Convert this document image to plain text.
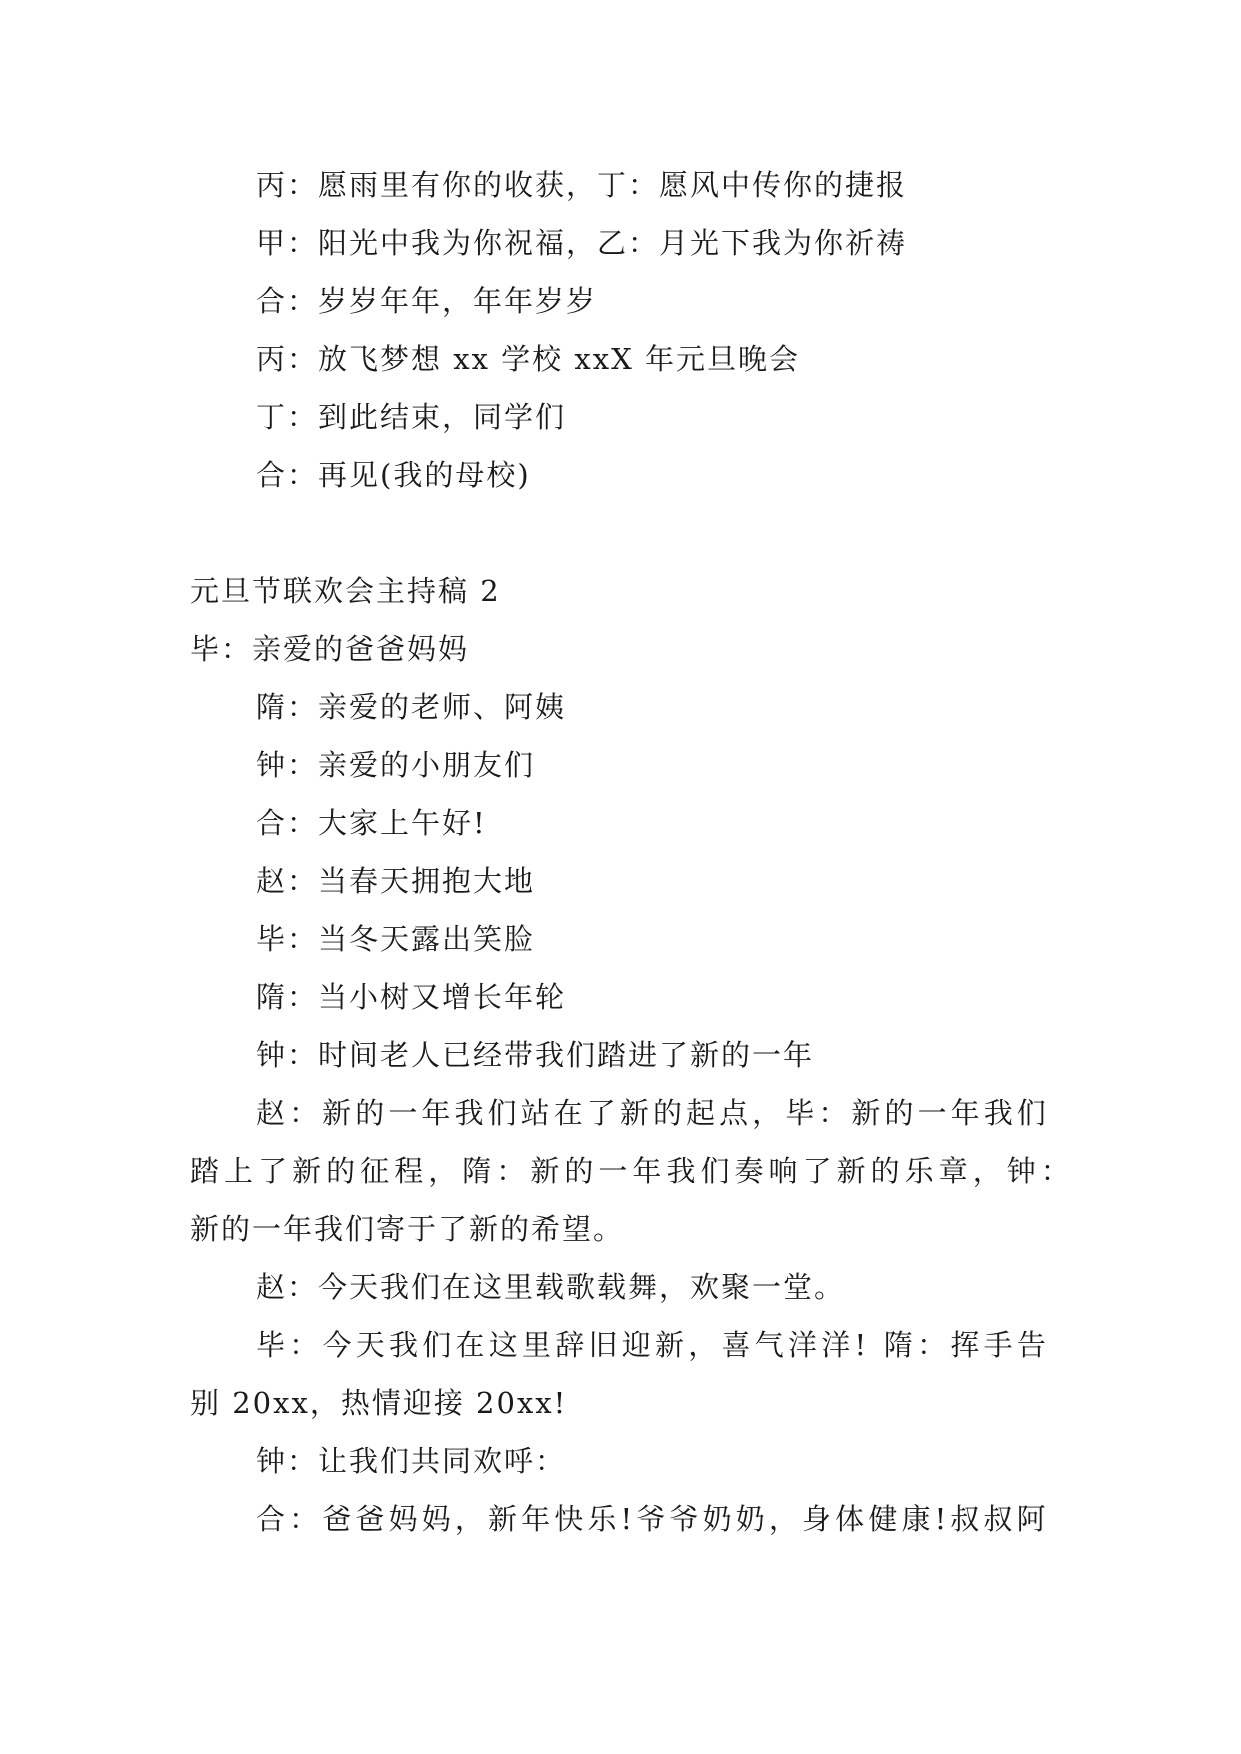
丙：愿雨里有你的收获，丁：愿风中传你的捷报
甲：阳光中我为你祝福，乙：月光下我为你祈祷
合：岁岁年年，年年岁岁
丙：放飞梦想 xx 学校 xxX 年元旦晚会
丁：到此结束，同学们
合：再见(我的母校)
元旦节联欢会主持稿 2
毕：亲爱的爸爸妈妈
隋：亲爱的老师、阿姨
钟：亲爱的小朋友们
合：大家上午好!
赵：当春天拥抱大地
毕：当冬天露出笑脸
隋：当小树又增长年轮
钟：时间老人已经带我们踏进了新的一年
赵 ： 新 的 一 年 我 们 站 在 了 新 的 起 点 ， 毕 ： 新 的 一 年 我 们
踏 上 了 新 的 征 程 ， 隋 ： 新 的 一 年 我 们 奏 响 了 新 的 乐 章 ， 钟 ：
新的一年我们寄于了新的希望。
赵：今天我们在这里载歌载舞，欢聚一堂。
毕 ： 今 天 我 们 在 这 里 辞 旧 迎 新 ， 喜 气 洋 洋 !
隋 ： 挥 手 告
别 20xx，热情迎接 20xx!
钟：让我们共同欢呼：
合 ： 爸 爸 妈 妈 ， 新 年 快 乐 ! 爷 爷 奶 奶 ， 身 体 健 康 ! 叔 叔 阿
